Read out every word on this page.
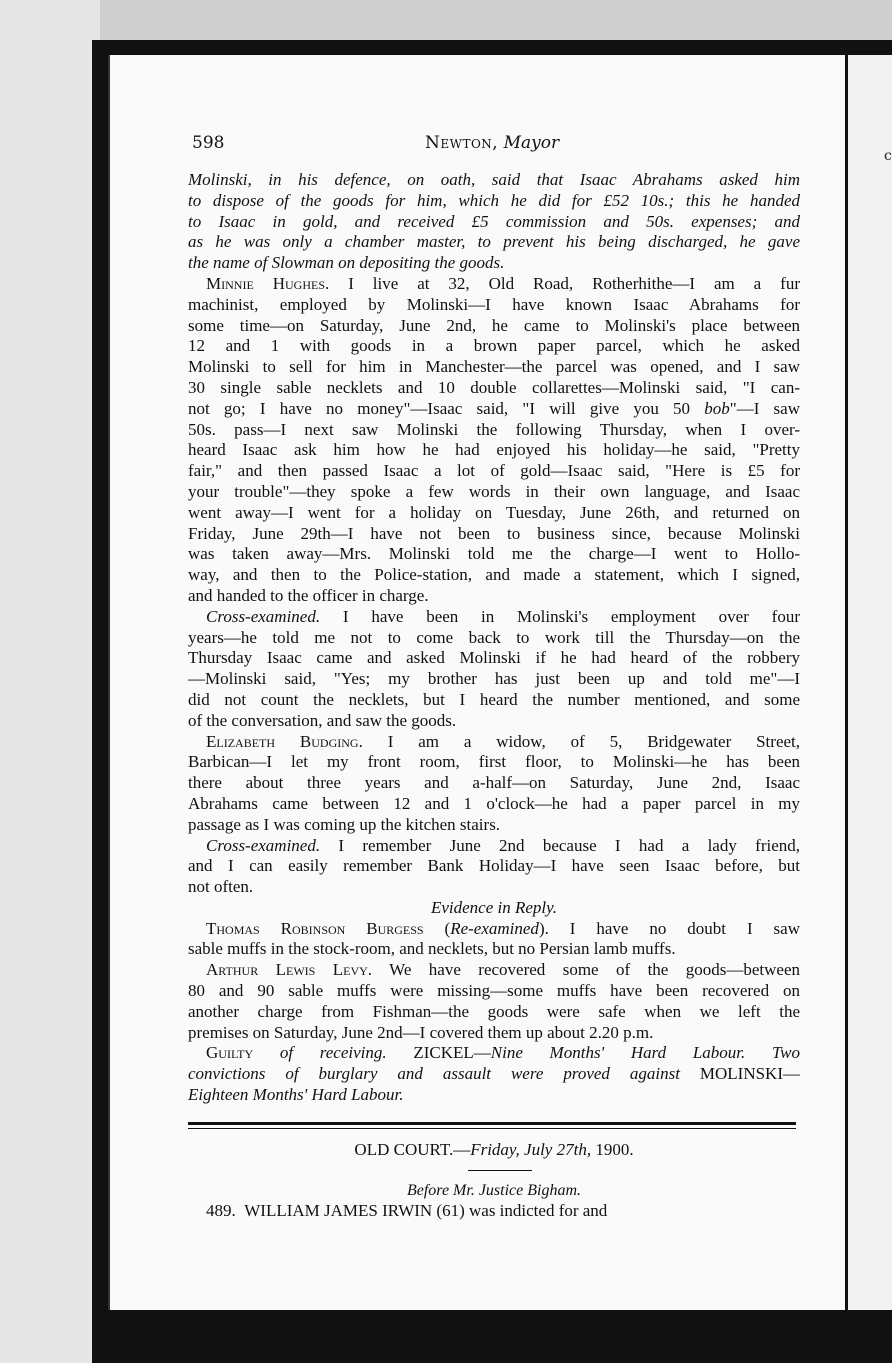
c
598	Newton, Mayor
Molinski, in his defence, on oath, said that Isaac Abrahams asked him
to dispose of the goods for him, which he did for £52 10s.; this he handed
to Isaac in gold, and received £5 commission and 50s. expenses; and
as he was only a chamber master, to prevent his being discharged, he gave
the name of Slowman on depositing the goods.
Minnie Hughes. I live at 32, Old Road, Rotherhithe—I am a fur
machinist, employed by Molinski—I have known Isaac Abrahams for
some time—on Saturday, June 2nd, he came to Molinski's place between
12 and 1 with goods in a brown paper parcel, which he asked
Molinski to sell for him in Manchester—the parcel was opened, and I saw
30 single sable necklets and 10 double collarettes—Molinski said, "I can-
not go; I have no money"—Isaac said, "I will give you 50 bob"—I saw
50s. pass—I next saw Molinski the following Thursday, when I over-
heard Isaac ask him how he had enjoyed his holiday—he said, "Pretty
fair," and then passed Isaac a lot of gold—Isaac said, "Here is £5 for
your trouble"—they spoke a few words in their own language, and Isaac
went away—I went for a holiday on Tuesday, June 26th, and returned on
Friday, June 29th—I have not been to business since, because Molinski
was taken away—Mrs. Molinski told me the charge—I went to Hollo-
way, and then to the Police-station, and made a statement, which I signed,
and handed to the officer in charge.
Cross-examined. I have been in Molinski's employment over four
years—he told me not to come back to work till the Thursday—on the
Thursday Isaac came and asked Molinski if he had heard of the robbery
—Molinski said, "Yes; my brother has just been up and told me"—I
did not count the necklets, but I heard the number mentioned, and some
of the conversation, and saw the goods.
Elizabeth Budging. I am a widow, of 5, Bridgewater Street,
Barbican—I let my front room, first floor, to Molinski—he has been
there about three years and a-half—on Saturday, June 2nd, Isaac
Abrahams came between 12 and 1 o'clock—he had a paper parcel in my
passage as I was coming up the kitchen stairs.
Cross-examined. I remember June 2nd because I had a lady friend,
and I can easily remember Bank Holiday—I have seen Isaac before, but
not often.
Evidence in Reply.
Thomas Robinson Burgess (Re-examined). I have no doubt I saw
sable muffs in the stock-room, and necklets, but no Persian lamb muffs.
Arthur Lewis Levy. We have recovered some of the goods—between
80 and 90 sable muffs were missing—some muffs have been recovered on
another charge from Fishman—the goods were safe when we left the
premises on Saturday, June 2nd—I covered them up about 2.20 p.m.
Guilty of receiving. ZICKEL—Nine Months' Hard Labour. Two
convictions of burglary and assault were proved against MOLINSKI—
Eighteen Months' Hard Labour.
OLD COURT.—Friday, July 27th, 1900.
Before Mr. Justice Bigham.
489. WILLIAM JAMES IRWIN (61) was indicted for and
